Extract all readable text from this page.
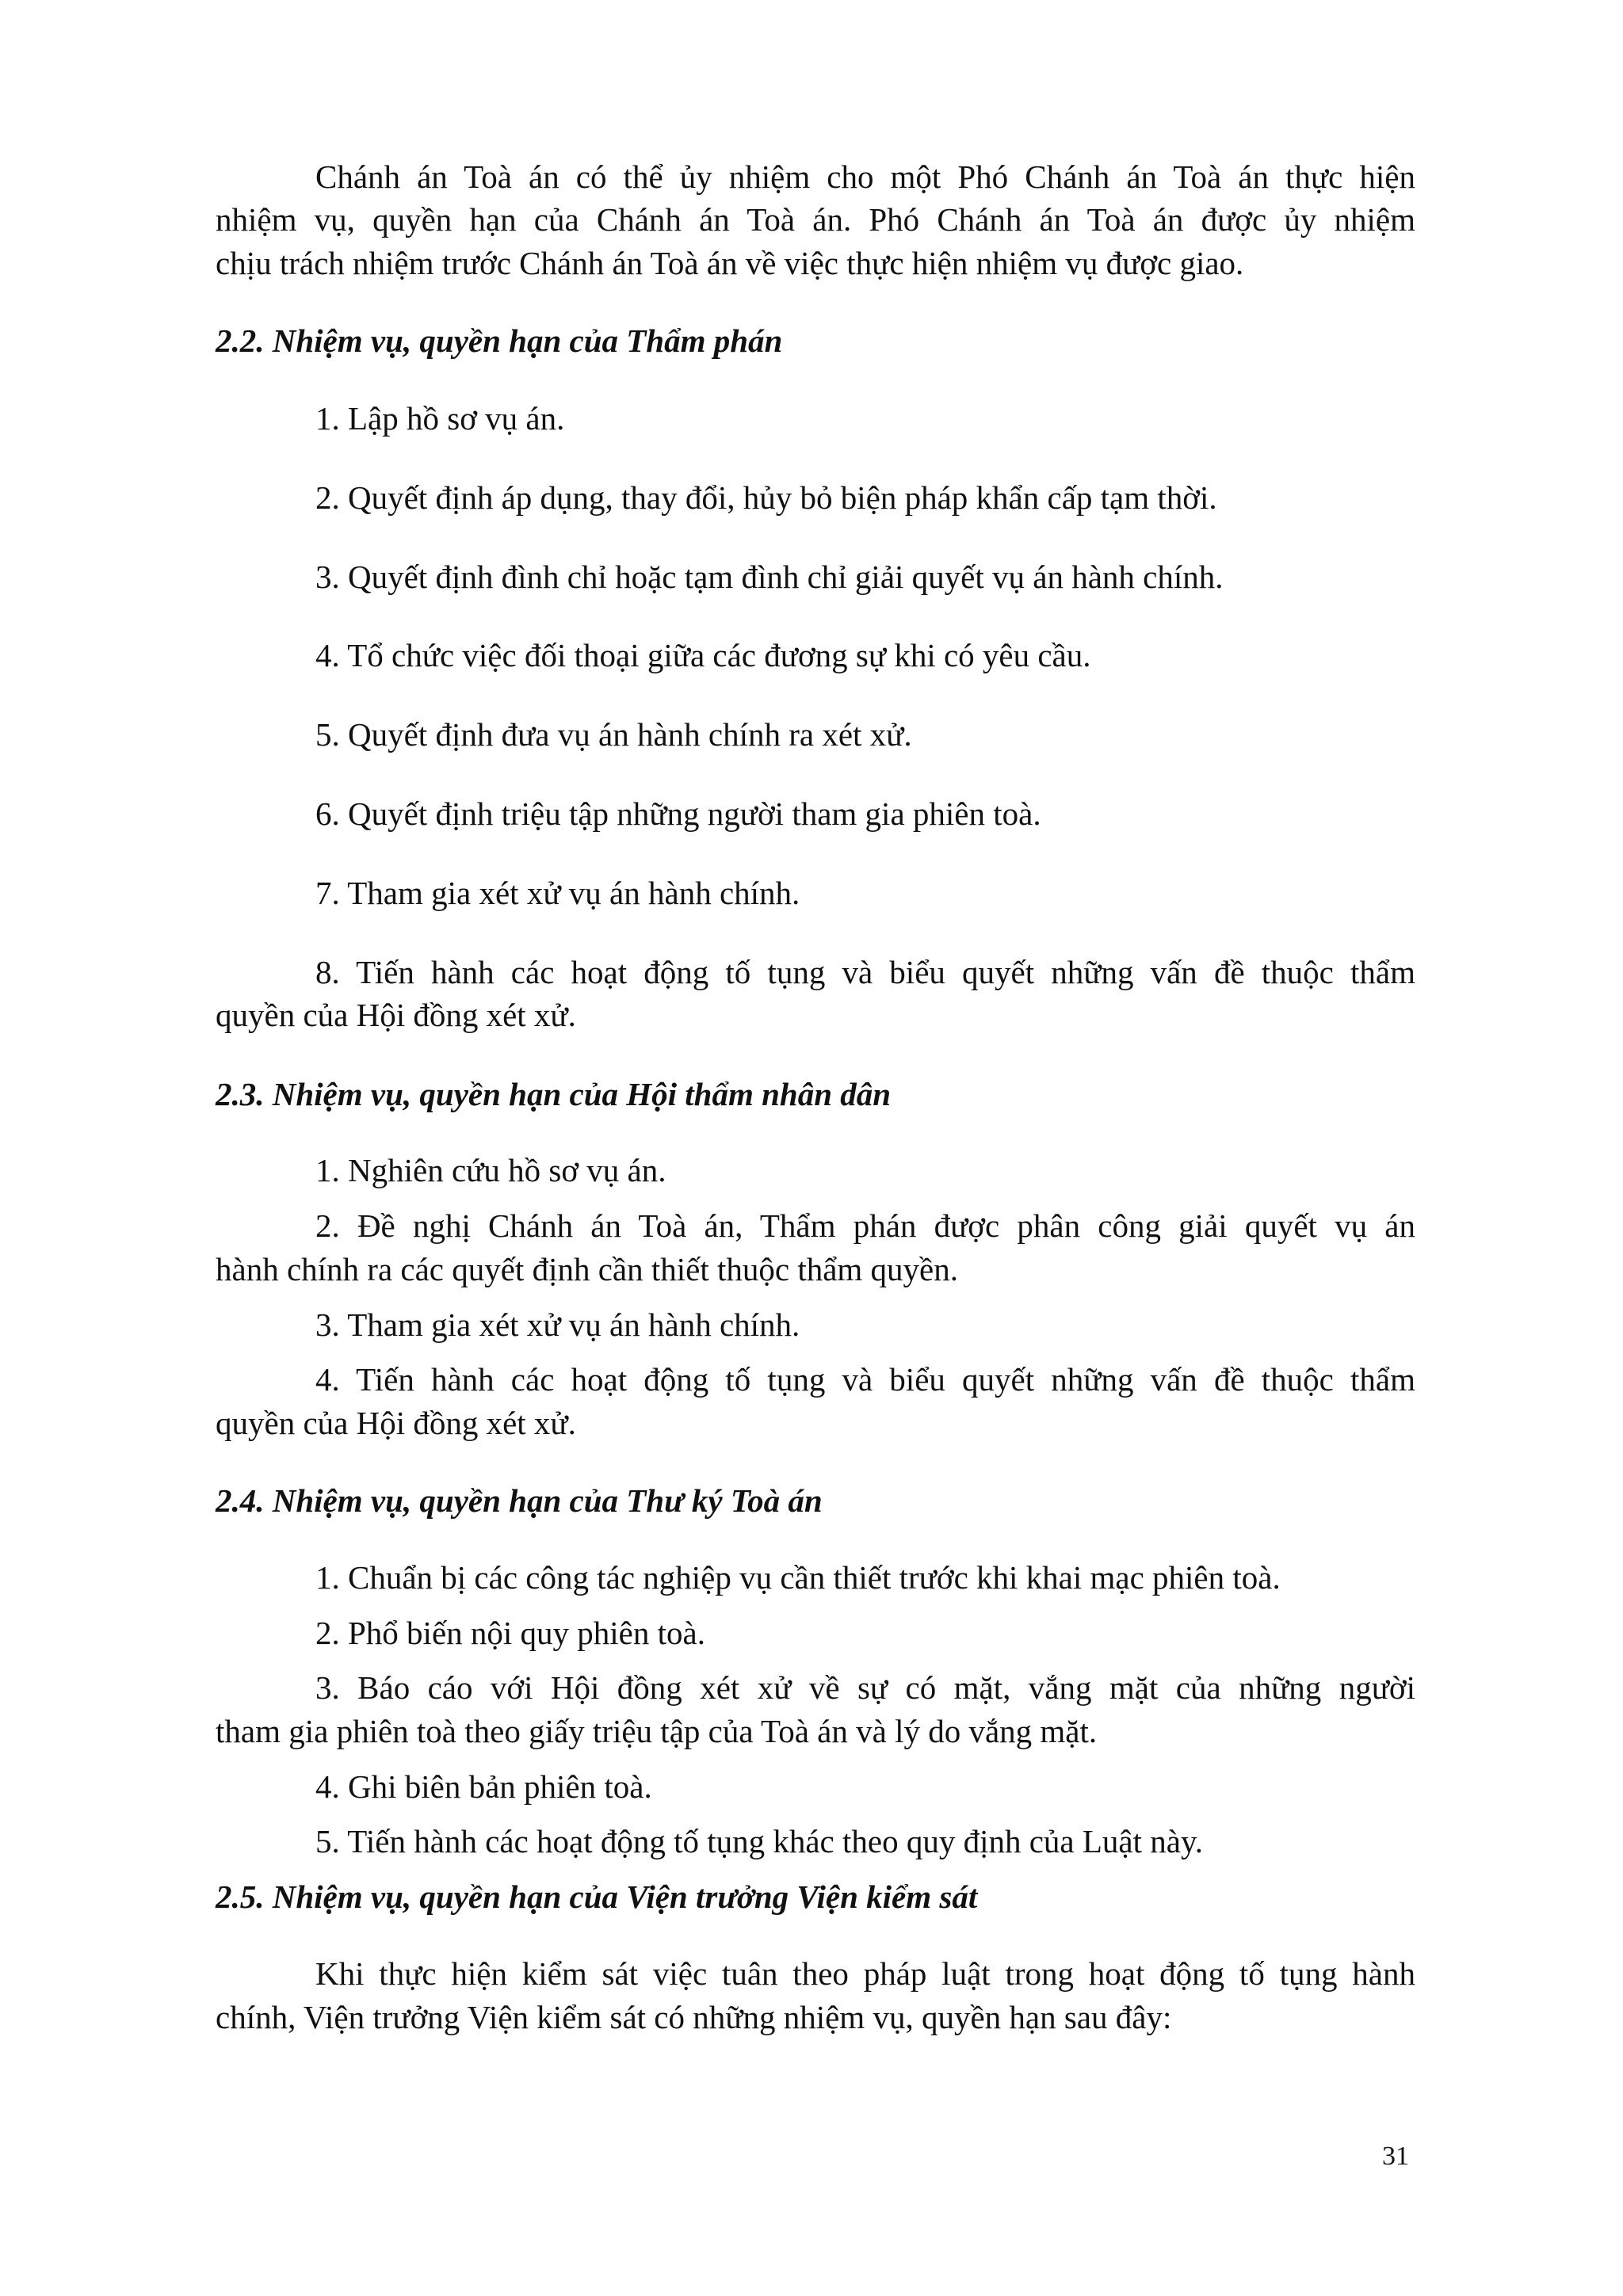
Chánh án Toà án có thể ủy nhiệm cho một Phó Chánh án Toà án thực hiện

nhiệm vụ, quyền hạn của Chánh án Toà án. Phó Chánh án Toà án được ủy nhiệm

chịu trách nhiệm trước Chánh án Toà án về việc thực hiện nhiệm vụ được giao.

2.2. Nhiệm vụ, quyền hạn của Thẩm phán

1. Lập hồ sơ vụ án.

2. Quyết định áp dụng, thay đổi, hủy bỏ biện pháp khẩn cấp tạm thời.

3. Quyết định đình chỉ hoặc tạm đình chỉ giải quyết vụ án hành chính.

4. Tổ chức việc đối thoại giữa các đương sự khi có yêu cầu.

5. Quyết định đưa vụ án hành chính ra xét xử.

6. Quyết định triệu tập những người tham gia phiên toà.

7. Tham gia xét xử vụ án hành chính.

8. Tiến hành các hoạt động tố tụng và biểu quyết những vấn đề thuộc thẩm

quyền của Hội đồng xét xử.

2.3. Nhiệm vụ, quyền hạn của Hội thẩm nhân dân

1. Nghiên cứu hồ sơ vụ án.

2. Đề nghị Chánh án Toà án, Thẩm phán được phân công giải quyết vụ án

hành chính ra các quyết định cần thiết thuộc thẩm quyền.

3. Tham gia xét xử vụ án hành chính.

4. Tiến hành các hoạt động tố tụng và biểu quyết những vấn đề thuộc thẩm

quyền của Hội đồng xét xử.

2.4. Nhiệm vụ, quyền hạn của Thư ký Toà án

1. Chuẩn bị các công tác nghiệp vụ cần thiết trước khi khai mạc phiên toà.

2. Phổ biến nội quy phiên toà.

3. Báo cáo với Hội đồng xét xử về sự có mặt, vắng mặt của những người

tham gia phiên toà theo giấy triệu tập của Toà án và lý do vắng mặt.

4. Ghi biên bản phiên toà.

5. Tiến hành các hoạt động tố tụng khác theo quy định của Luật này.

2.5. Nhiệm vụ, quyền hạn của Viện trưởng Viện kiểm sát

Khi thực hiện kiểm sát việc tuân theo pháp luật trong hoạt động tố tụng hành

chính, Viện trưởng Viện kiểm sát có những nhiệm vụ, quyền hạn sau đây:

31
